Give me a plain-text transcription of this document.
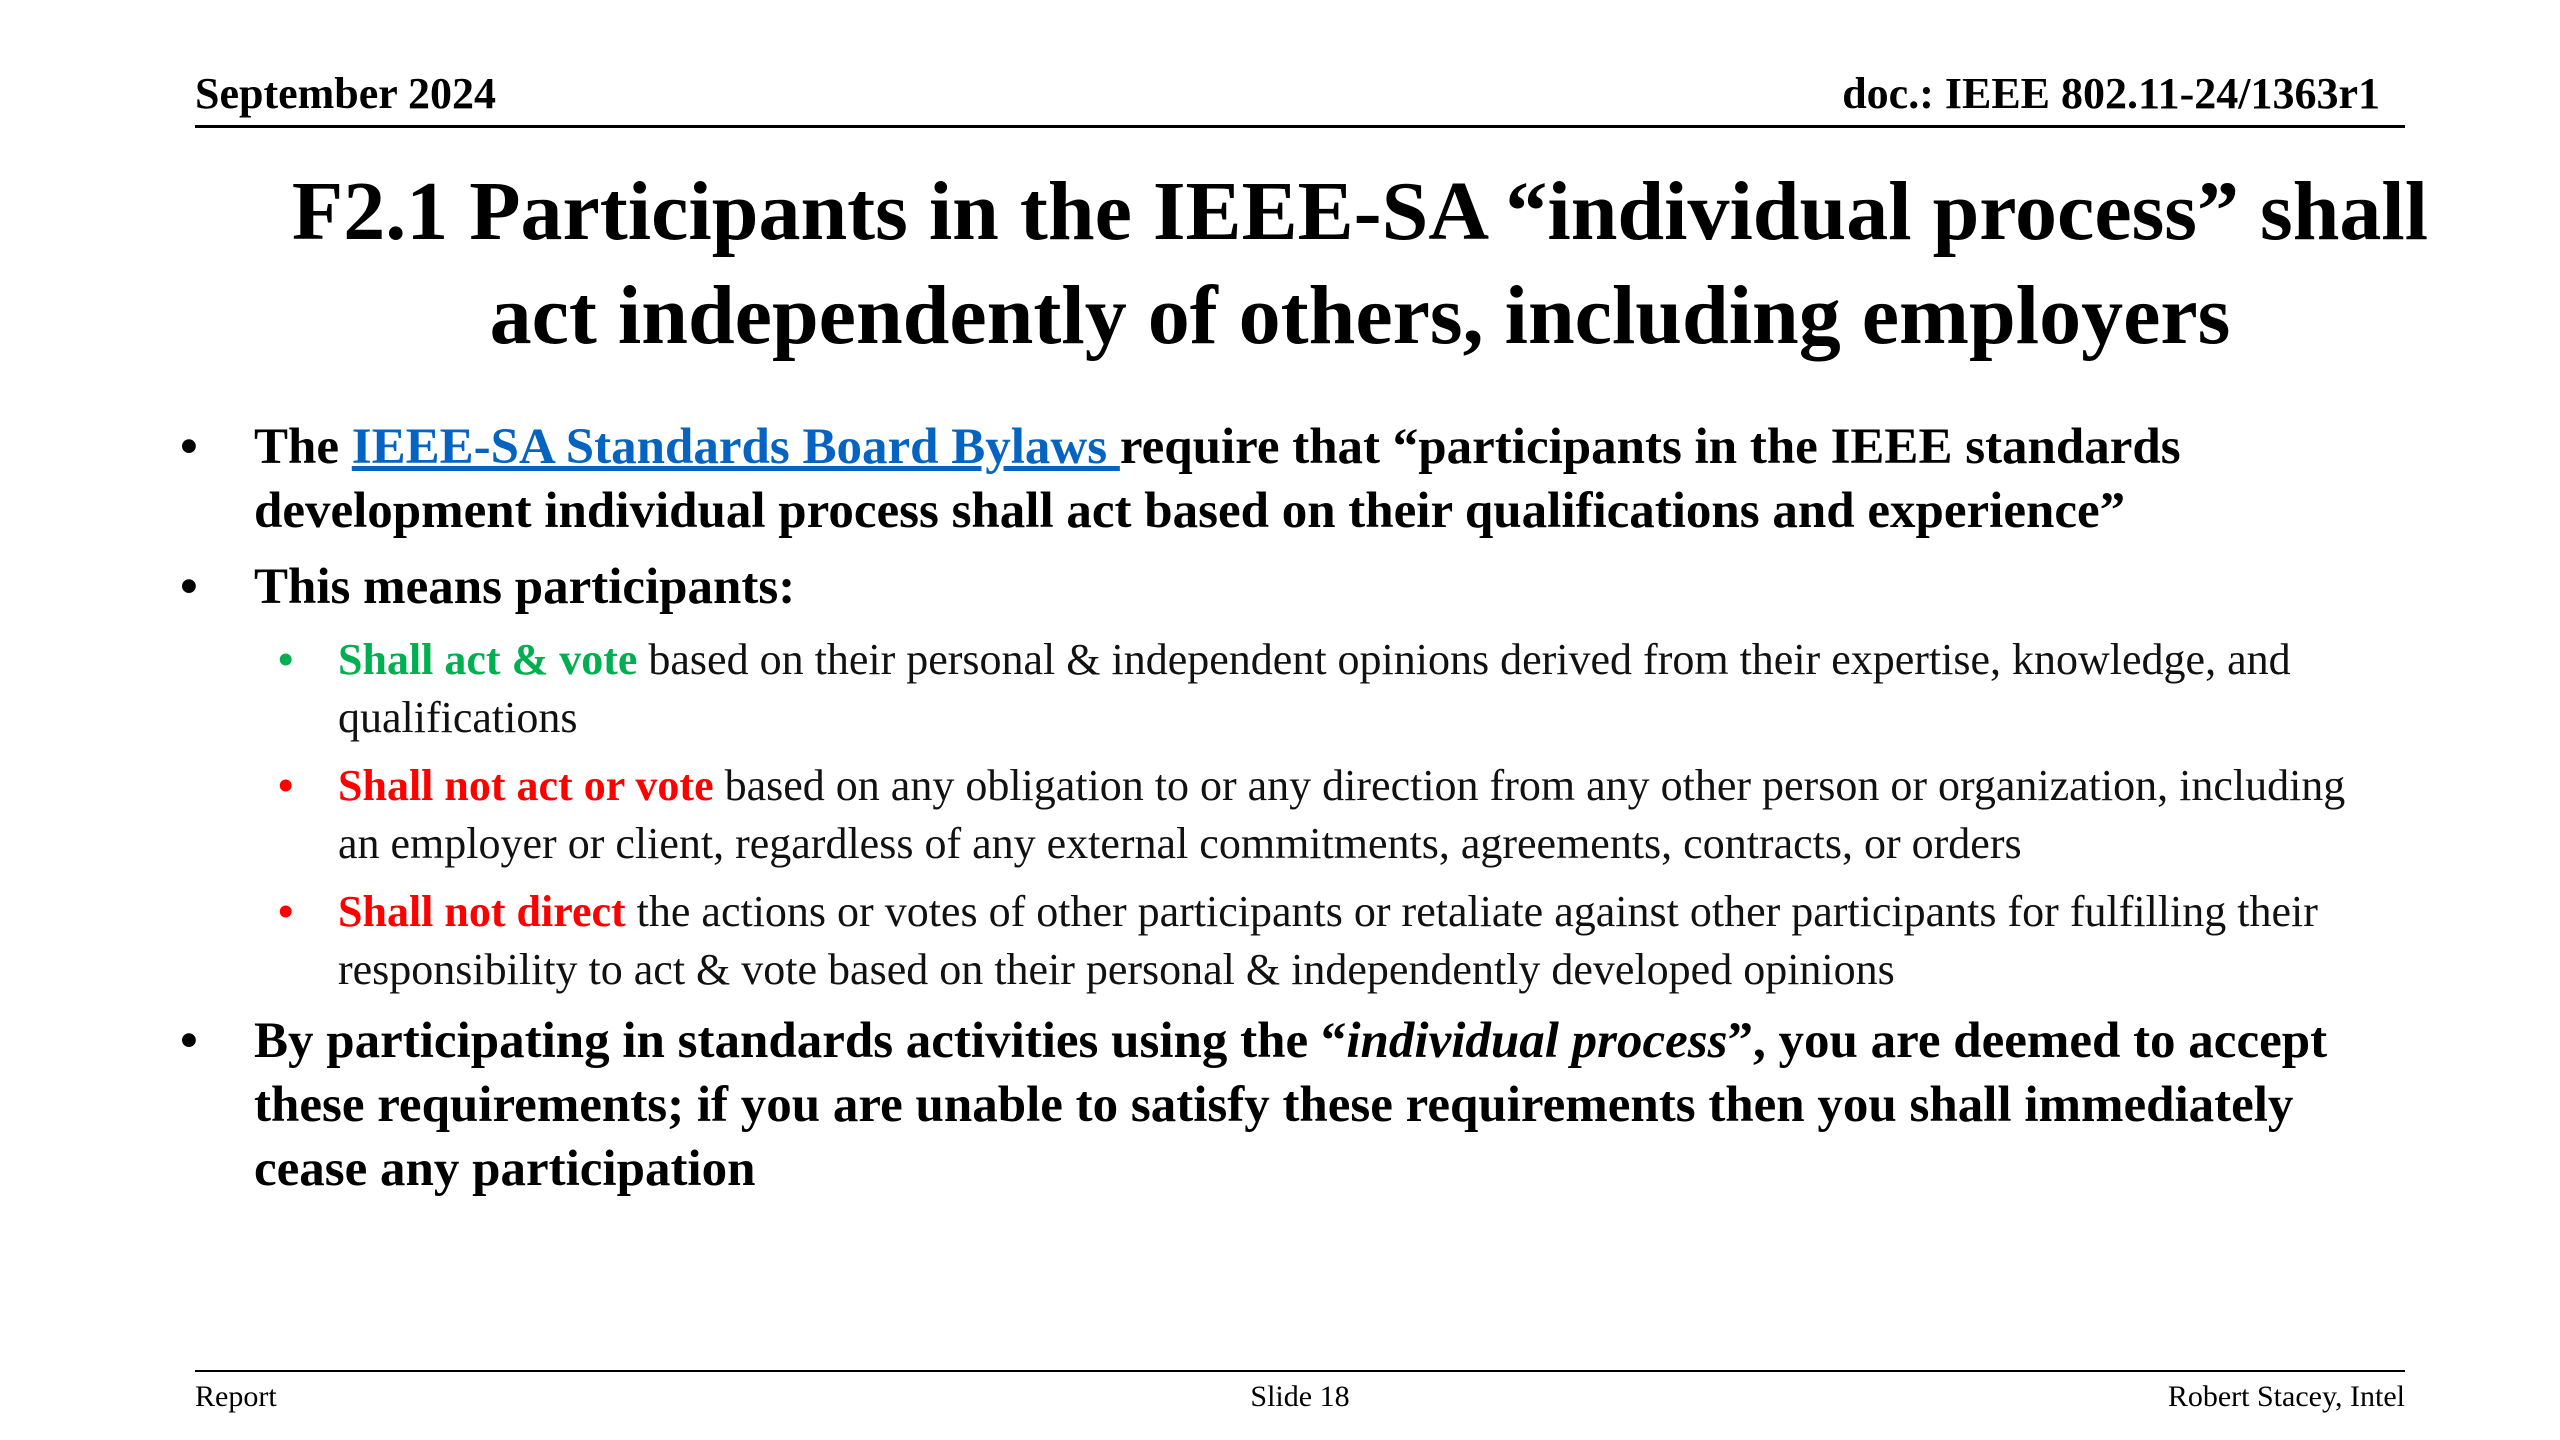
September 2024	doc.: IEEE 802.11-24/1363r1
F2.1 Participants in the IEEE-SA “individual process” shall
act independently of others, including employers
• The IEEE-SA Standards Board Bylaws require that “participants in the IEEE standards development individual process shall act based on their qualifications and experience”
• This means participants:
• Shall act & vote based on their personal & independent opinions derived from their expertise, knowledge, and qualifications
• Shall not act or vote based on any obligation to or any direction from any other person or organization, including an employer or client, regardless of any external commitments, agreements, contracts, or orders
• Shall not direct the actions or votes of other participants or retaliate against other participants for fulfilling their responsibility to act & vote based on their personal & independently developed opinions
• By participating in standards activities using the “individual process”, you are deemed to accept these requirements; if you are unable to satisfy these requirements then you shall immediately cease any participation
Report	Slide 18	Robert Stacey, Intel
